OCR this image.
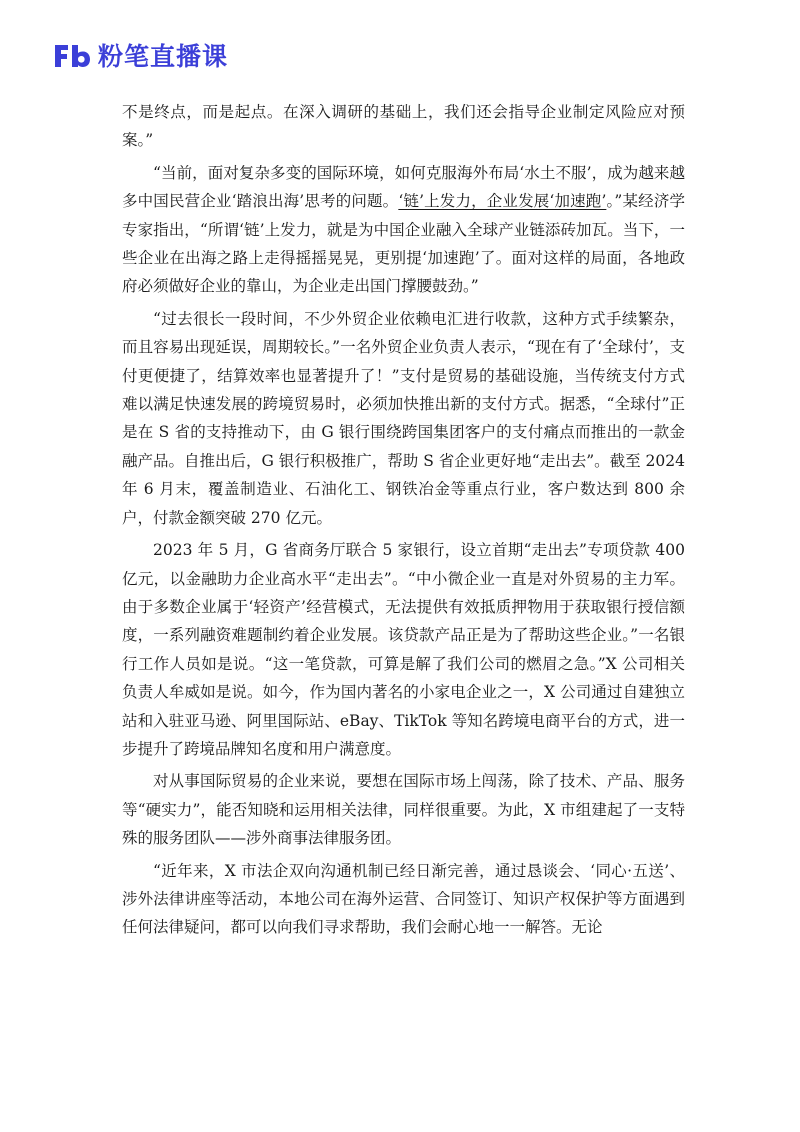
粉笔直播课

不是终点，而是起点。在深入调研的基础上，我们还会指导企业制定风险应对预案。”

“当前，面对复杂多变的国际环境，如何克服海外布局‘水土不服’，成为越来越多中国民营企业‘踏浪出海’思考的问题。‘链’上发力，企业发展‘加速跑’。”某经济学专家指出，“所谓‘链’上发力，就是为中国企业融入全球产业链添砖加瓦。当下，一些企业在出海之路上走得摇摇晃晃，更别提‘加速跑’了。面对这样的局面，各地政府必须做好企业的靠山，为企业走出国门撑腰鼓劲。”

“过去很长一段时间，不少外贸企业依赖电汇进行收款，这种方式手续繁杂，而且容易出现延误，周期较长。”一名外贸企业负责人表示，“现在有了‘全球付’，支付更便捷了，结算效率也显著提升了！”支付是贸易的基础设施，当传统支付方式难以满足快速发展的跨境贸易时，必须加快推出新的支付方式。据悉，“全球付”正是在 S 省的支持推动下，由 G 银行围绕跨国集团客户的支付痛点而推出的一款金融产品。自推出后，G 银行积极推广，帮助 S 省企业更好地“走出去”。截至 2024 年 6 月末，覆盖制造业、石油化工、钢铁冶金等重点行业，客户数达到 800 余户，付款金额突破 270 亿元。

2023 年 5 月，G 省商务厅联合 5 家银行，设立首期“走出去”专项贷款 400 亿元，以金融助力企业高水平“走出去”。“中小微企业一直是对外贸易的主力军。由于多数企业属于‘轻资产’经营模式，无法提供有效抵质押物用于获取银行授信额度，一系列融资难题制约着企业发展。该贷款产品正是为了帮助这些企业。”一名银行工作人员如是说。“这一笔贷款，可算是解了我们公司的燃眉之急。”X 公司相关负责人牟威如是说。如今，作为国内著名的小家电企业之一，X 公司通过自建独立站和入驻亚马逊、阿里国际站、eBay、TikTok 等知名跨境电商平台的方式，进一步提升了跨境品牌知名度和用户满意度。

对从事国际贸易的企业来说，要想在国际市场上闯荡，除了技术、产品、服务等“硬实力”，能否知晓和运用相关法律，同样很重要。为此，X 市组建起了一支特殊的服务团队——涉外商事法律服务团。

“近年来，X 市法企双向沟通机制已经日渐完善，通过恳谈会、‘同心·五送’、涉外法律讲座等活动，本地公司在海外运营、合同签订、知识产权保护等方面遇到任何法律疑问，都可以向我们寻求帮助，我们会耐心地一一解答。无论
